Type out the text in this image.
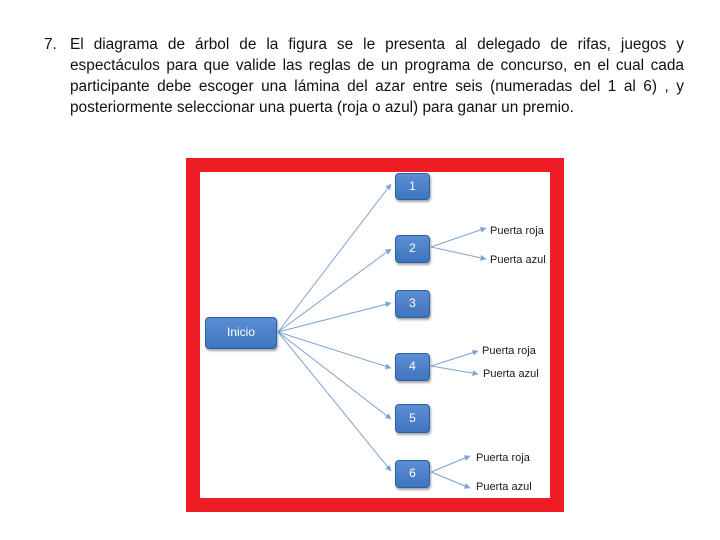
7. El diagrama de árbol de la figura se le presenta al delegado de rifas, juegos y espectáculos para que valide las reglas de un programa de concurso, en el cual cada participante debe escoger una lámina del azar entre seis (numeradas del 1 al 6) , y posteriormente seleccionar una puerta (roja o azul) para ganar un premio.
Inicio
1
2
3
4
5
6
Puerta roja
Puerta azul
Puerta roja
Puerta azul
Puerta roja
Puerta azul
